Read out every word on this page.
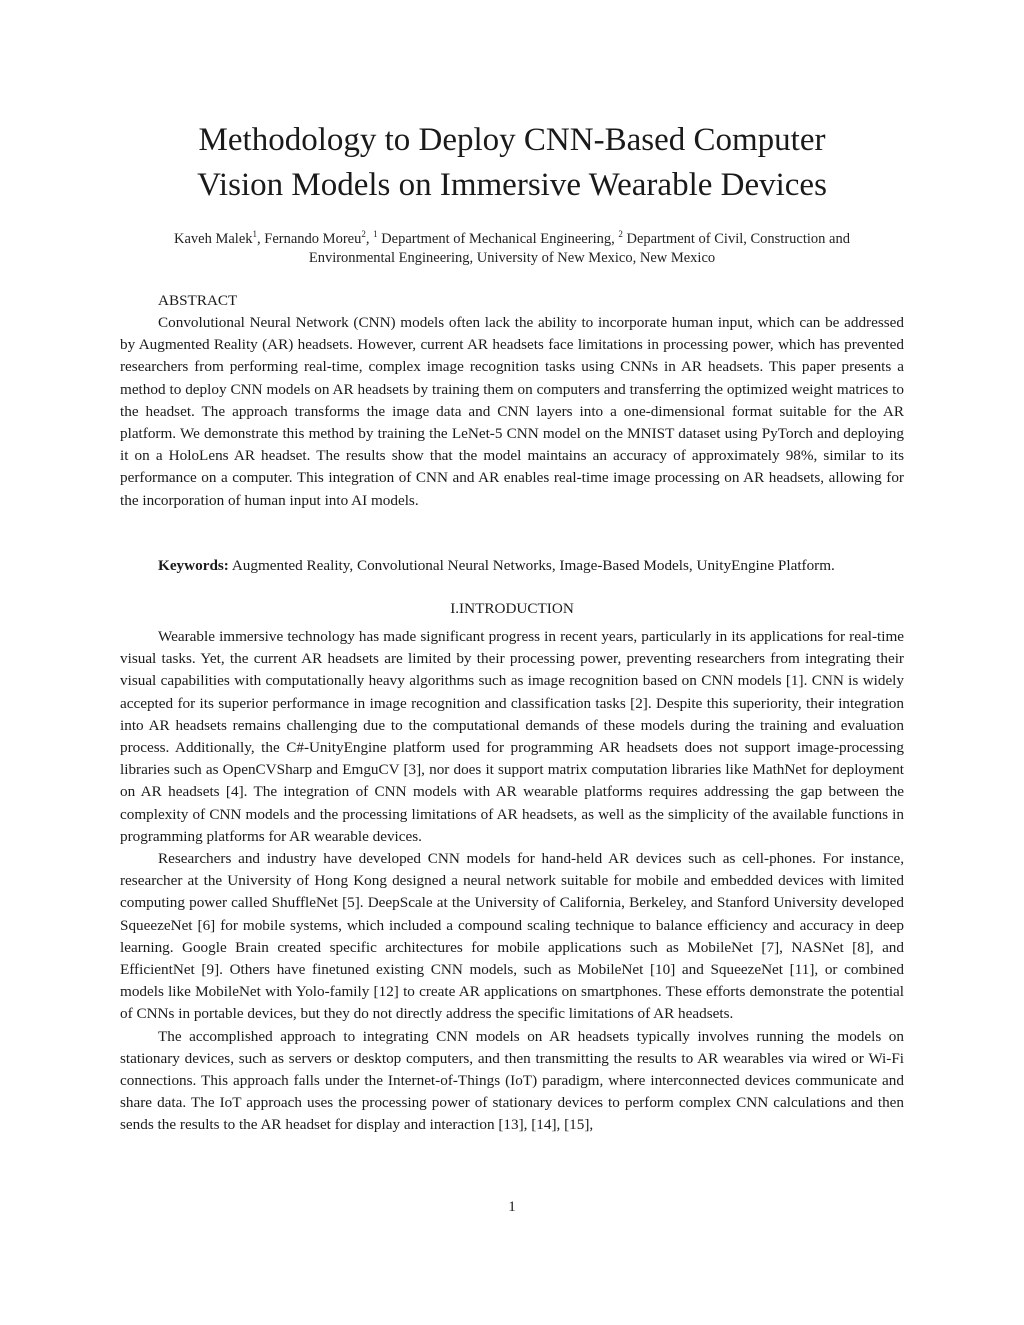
Methodology to Deploy CNN-Based Computer
Vision Models on Immersive Wearable Devices
Kaveh Malek$^1$, Fernando Moreu$^2$, $^1$ Department of Mechanical Engineering, $^2$ Department of Civil, Construction and
Environmental Engineering, University of New Mexico, New Mexico
ABSTRACT

Convolutional Neural Network (CNN) models often lack the ability to incorporate human input, which can be addressed by Augmented Reality (AR) headsets. However, current AR headsets face limitations in processing power, which has prevented researchers from performing real-time, complex image recognition tasks using CNNs in AR headsets. This paper presents a method to deploy CNN models on AR headsets by training them on computers and transferring the optimized weight matrices to the headset. The approach transforms the image data and CNN layers into a one-dimensional format suitable for the AR platform. We demonstrate this method by training the LeNet-5 CNN model on the MNIST dataset using PyTorch and deploying it on a HoloLens AR headset. The results show that the model maintains an accuracy of approximately 98%, similar to its performance on a computer. This integration of CNN and AR enables real-time image processing on AR headsets, allowing for the incorporation of human input into AI models.

Keywords: Augmented Reality, Convolutional Neural Networks, Image-Based Models, UnityEngine Platform.

I.INTRODUCTION

Wearable immersive technology has made significant progress in recent years, particularly in its applications for real-time visual tasks. Yet, the current AR headsets are limited by their processing power, preventing researchers from integrating their visual capabilities with computationally heavy algorithms such as image recognition based on CNN models [1]. CNN is widely accepted for its superior performance in image recognition and classification tasks [2]. Despite this superiority, their integration into AR headsets remains challenging due to the computational demands of these models during the training and evaluation process. Additionally, the C#-UnityEngine platform used for programming AR headsets does not support image-processing libraries such as OpenCVSharp and EmguCV [3], nor does it support matrix computation libraries like MathNet for deployment on AR headsets [4]. The integration of CNN models with AR wearable platforms requires addressing the gap between the complexity of CNN models and the processing limitations of AR headsets, as well as the simplicity of the available functions in programming platforms for AR wearable devices.

Researchers and industry have developed CNN models for hand-held AR devices such as cell-phones. For instance, researcher at the University of Hong Kong designed a neural network suitable for mobile and embedded devices with limited computing power called ShuffleNet [5]. DeepScale at the University of California, Berkeley, and Stanford University developed SqueezeNet [6] for mobile systems, which included a compound scaling technique to balance efficiency and accuracy in deep learning. Google Brain created specific architectures for mobile applications such as MobileNet [7], NASNet [8], and EfficientNet [9]. Others have finetuned existing CNN models, such as MobileNet [10] and SqueezeNet [11], or combined models like MobileNet with Yolo-family [12] to create AR applications on smartphones. These efforts demonstrate the potential of CNNs in portable devices, but they do not directly address the specific limitations of AR headsets.

The accomplished approach to integrating CNN models on AR headsets typically involves running the models on stationary devices, such as servers or desktop computers, and then transmitting the results to AR wearables via wired or Wi-Fi connections. This approach falls under the Internet-of-Things (IoT) paradigm, where interconnected devices communicate and share data. The IoT approach uses the processing power of stationary devices to perform complex CNN calculations and then sends the results to the AR headset for display and interaction [13], [14], [15],

1
